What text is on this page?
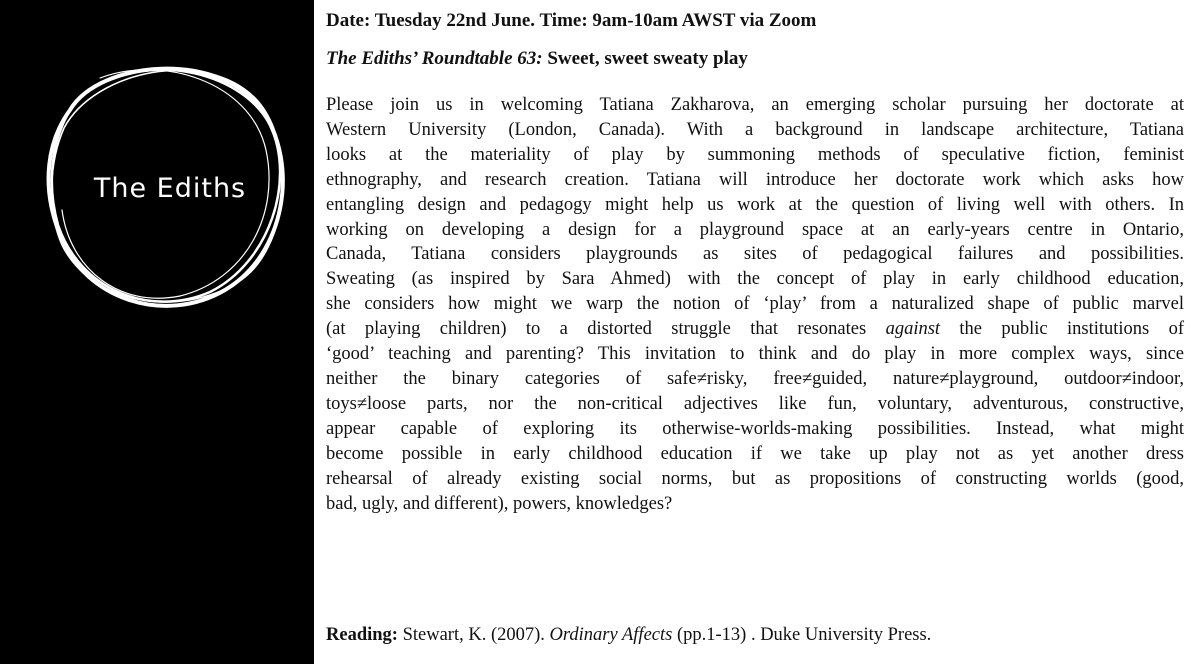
The Ediths

Date: Tuesday 22nd June. Time: 9am-10am AWST via Zoom

The Ediths’ Roundtable 63: Sweet, sweet sweaty play

Please join us in welcoming Tatiana Zakharova, an emerging scholar pursuing her doctorate at
Western University (London, Canada). With a background in landscape architecture, Tatiana
looks at the materiality of play by summoning methods of speculative fiction, feminist
ethnography, and research creation. Tatiana will introduce her doctorate work which asks how
entangling design and pedagogy might help us work at the question of living well with others. In
working on developing a design for a playground space at an early-years centre in Ontario,
Canada, Tatiana considers playgrounds as sites of pedagogical failures and possibilities.
Sweating (as inspired by Sara Ahmed) with the concept of play in early childhood education,
she considers how might we warp the notion of ‘play’ from a naturalized shape of public marvel
(at playing children) to a distorted struggle that resonates against the public institutions of
‘good’ teaching and parenting? This invitation to think and do play in more complex ways, since
neither the binary categories of safe≠risky, free≠guided, nature≠playground, outdoor≠indoor,
toys≠loose parts, nor the non-critical adjectives like fun, voluntary, adventurous, constructive,
appear capable of exploring its otherwise-worlds-making possibilities. Instead, what might
become possible in early childhood education if we take up play not as yet another dress
rehearsal of already existing social norms, but as propositions of constructing worlds (good,
bad, ugly, and different), powers, knowledges?
Reading: Stewart, K. (2007). Ordinary Affects (pp.1-13) . Duke University Press.
